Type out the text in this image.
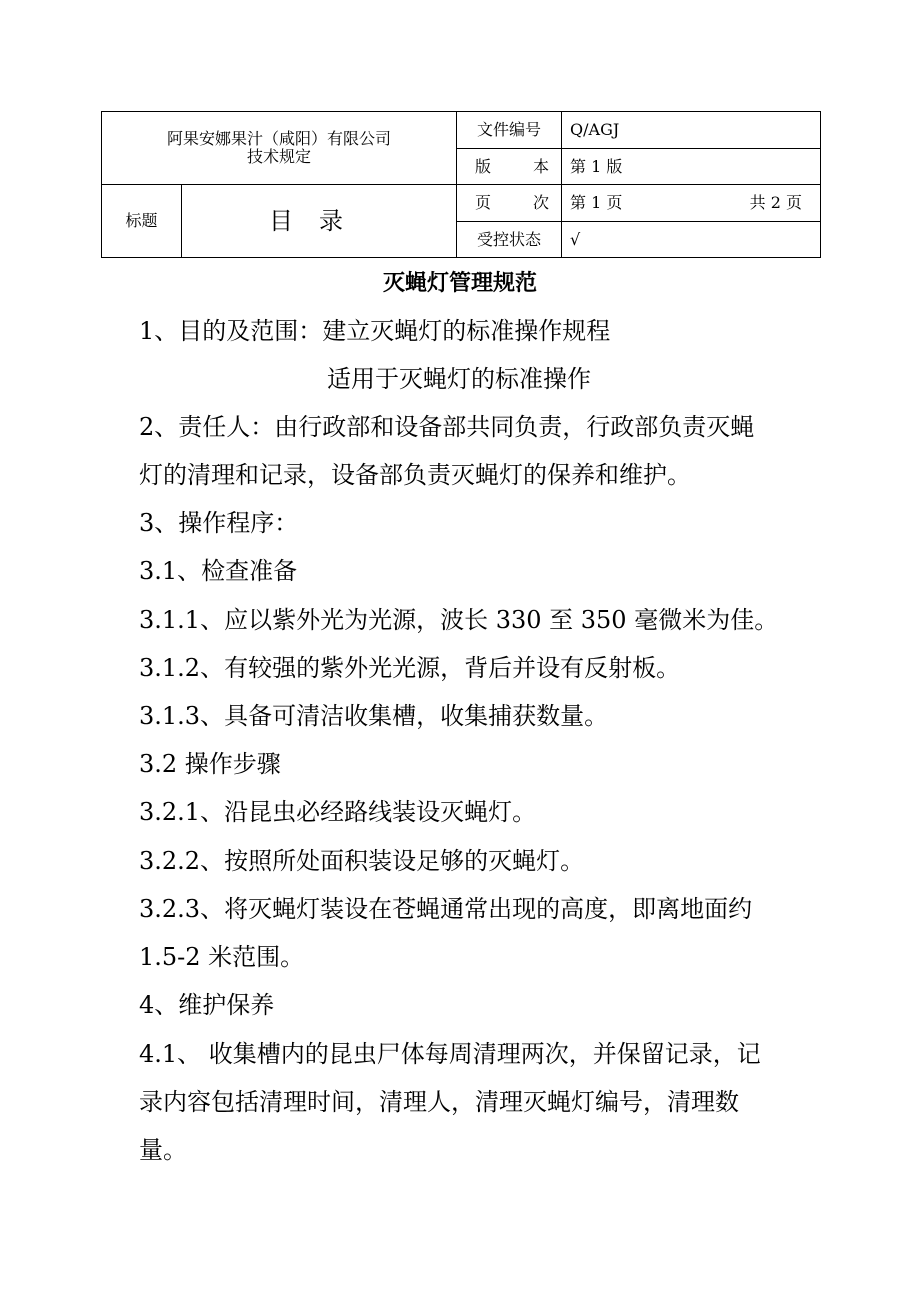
阿果安娜果汁（咸阳）有限公司
技术规定		文件编号	Q/AGJ

		版 本	第 1 版
标题	目录	页 次	第 1 页 共 2 页

		受控状态	√
灭蝇灯管理规范
1、目的及范围：建立灭蝇灯的标准操作规程
适用于灭蝇灯的标准操作
2、责任人：由行政部和设备部共同负责，行政部负责灭蝇
灯的清理和记录，设备部负责灭蝇灯的保养和维护。
3、操作程序：
3.1、检查准备
3.1.1、应以紫外光为光源，波长 330 至 350 毫微米为佳。
3.1.2、有较强的紫外光光源，背后并设有反射板。
3.1.3、具备可清洁收集槽，收集捕获数量。
3.2 操作步骤
3.2.1、沿昆虫必经路线装设灭蝇灯。
3.2.2、按照所处面积装设足够的灭蝇灯。
3.2.3、将灭蝇灯装设在苍蝇通常出现的高度，即离地面约
1.5-2 米范围。
4、维护保养
4.1、 收集槽内的昆虫尸体每周清理两次，并保留记录，记
录内容包括清理时间，清理人，清理灭蝇灯编号，清理数
量。
